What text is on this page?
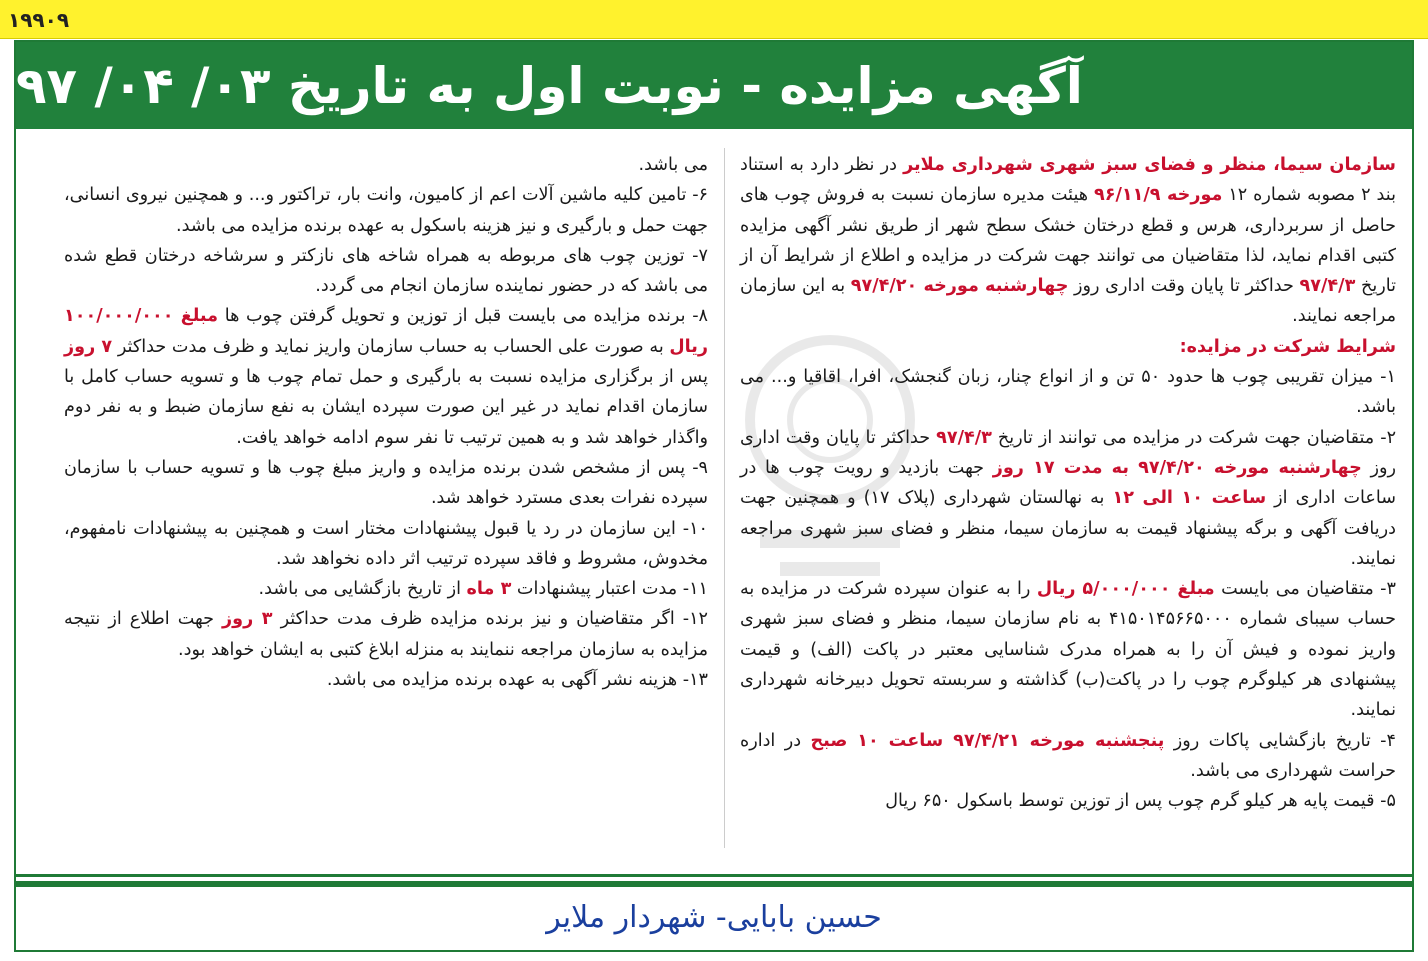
۱۹۹۰۹
آگهی مزایده - نوبت اول به تاریخ ۰۳/ ۰۴/ ۹۷

سازمان سیما، منظر و فضای سبز شهری شهرداری ملایر در نظر دارد به استناد بند ۲ مصوبه شماره ۱۲ مورخه ۹۶/۱۱/۹ هیئت مدیره سازمان نسبت به فروش چوب های حاصل از سربرداری، هرس و قطع درختان خشک سطح شهر از طریق نشر آگهی مزایده کتبی اقدام نماید، لذا متقاضیان می توانند جهت شرکت در مزایده و اطلاع از شرایط آن از تاریخ ۹۷/۴/۳ حداکثر تا پایان وقت اداری روز چهارشنبه مورخه ۹۷/۴/۲۰ به این سازمان مراجعه نمایند.

شرایط شرکت در مزایده:

۱- میزان تقریبی چوب ها حدود ۵۰ تن و از انواع چنار، زبان گنجشک، افرا، اقاقیا و... می باشد.

۲- متقاضیان جهت شرکت در مزایده می توانند از تاریخ ۹۷/۴/۳ حداکثر تا پایان وقت اداری روز چهارشنبه مورخه ۹۷/۴/۲۰ به مدت ۱۷ روز جهت بازدید و رویت چوب ها در ساعات اداری از ساعت ۱۰ الی ۱۲ به نهالستان شهرداری (پلاک ۱۷) و همچنین جهت دریافت آگهی و برگه پیشنهاد قیمت به سازمان سیما، منظر و فضای سبز شهری مراجعه نمایند.

۳- متقاضیان می بایست مبلغ ۵/۰۰۰/۰۰۰ ریال را به عنوان سپرده شرکت در مزایده به حساب سیبای شماره ۴۱۵۰۱۴۵۶۶۵۰۰۰ به نام سازمان سیما، منظر و فضای سبز شهری واریز نموده و فیش آن را به همراه مدرک شناسایی معتبر در پاکت (الف) و قیمت پیشنهادی هر کیلوگرم چوب را در پاکت(ب) گذاشته و سربسته تحویل دبیرخانه شهرداری نمایند.

۴- تاریخ بازگشایی پاکات روز پنجشنبه مورخه ۹۷/۴/۲۱ ساعت ۱۰ صبح در اداره حراست شهرداری می باشد.

۵- قیمت پایه هر کیلو گرم چوب پس از توزین توسط باسکول ۶۵۰ ریال

می باشد.

۶- تامین کلیه ماشین آلات اعم از کامیون، وانت بار، تراکتور و... و همچنین نیروی انسانی، جهت حمل و بارگیری و نیز هزینه باسکول به عهده برنده مزایده می باشد.

۷- توزین چوب های مربوطه به همراه شاخه های نازکتر و سرشاخه درختان قطع شده می باشد که در حضور نماینده سازمان انجام می گردد.

۸- برنده مزایده می بایست قبل از توزین و تحویل گرفتن چوب ها مبلغ ۱۰۰/۰۰۰/۰۰۰ ریال به صورت علی الحساب به حساب سازمان واریز نماید و ظرف مدت حداکثر ۷ روز پس از برگزاری مزایده نسبت به بارگیری و حمل تمام چوب ها و تسویه حساب کامل با سازمان اقدام نماید در غیر این صورت سپرده ایشان به نفع سازمان ضبط و به نفر دوم واگذار خواهد شد و به همین ترتیب تا نفر سوم ادامه خواهد یافت.

۹- پس از مشخص شدن برنده مزایده و واریز مبلغ چوب ها و تسویه حساب با سازمان سپرده نفرات بعدی مسترد خواهد شد.

۱۰- این سازمان در رد یا قبول پیشنهادات مختار است و همچنین به پیشنهادات نامفهوم، مخدوش، مشروط و فاقد سپرده ترتیب اثر داده نخواهد شد.

۱۱- مدت اعتبار پیشنهادات ۳ ماه از تاریخ بازگشایی می باشد.

۱۲- اگر متقاضیان و نیز برنده مزایده ظرف مدت حداکثر ۳ روز جهت اطلاع از نتیجه مزایده به سازمان مراجعه ننمایند به منزله ابلاغ کتبی به ایشان خواهد بود.

۱۳- هزینه نشر آگهی به عهده برنده مزایده می باشد.

حسین بابایی- شهردار ملایر
